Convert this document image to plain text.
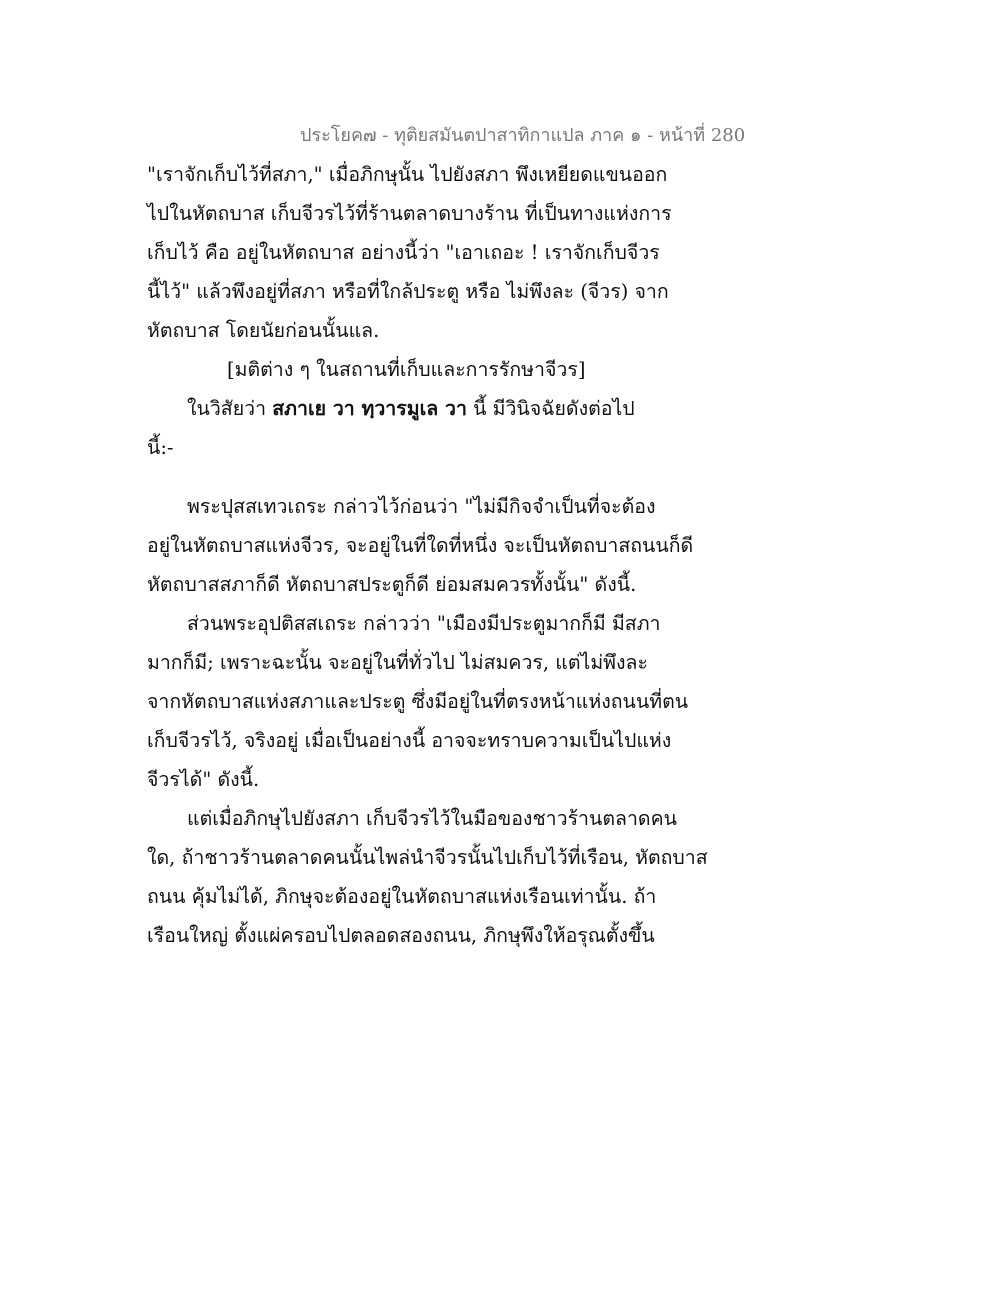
ประโยค๗ - ทุติยสมันตปาสาทิกาแปล ภาค ๑ - หน้าที่ 280
"เราจักเก็บไว้ที่สภา," เมื่อภิกษุนั้น ไปยังสภา พึงเหยียดแขนออก
ไปในหัตถบาส เก็บจีวรไว้ที่ร้านตลาดบางร้าน ที่เป็นทางแห่งการ
เก็บไว้ คือ อยู่ในหัตถบาส อย่างนี้ว่า "เอาเถอะ ! เราจักเก็บจีวร
นี้ไว้" แล้วพึงอยู่ที่สภา หรือที่ใกล้ประตู หรือ ไม่พึงละ (จีวร) จาก
หัตถบาส โดยนัยก่อนนั้นแล.
[มติต่าง ๆ ในสถานที่เก็บและการรักษาจีวร]
ในวิสัยว่า สภาเย วา ทฺวารมูเล วา นี้ มีวินิจฉัยดังต่อไป
นี้:-
พระปุสสเทวเถระ กล่าวไว้ก่อนว่า "ไม่มีกิจจำเป็นที่จะต้อง
อยู่ในหัตถบาสแห่งจีวร, จะอยู่ในที่ใดที่หนึ่ง จะเป็นหัตถบาสถนนก็ดี
หัตถบาสสภาก็ดี หัตถบาสประตูก็ดี ย่อมสมควรทั้งนั้น" ดังนี้.
ส่วนพระอุปติสสเถระ กล่าวว่า "เมืองมีประตูมากก็มี มีสภา
มากก็มี; เพราะฉะนั้น จะอยู่ในที่ทั่วไป ไม่สมควร, แต่ไม่พึงละ
จากหัตถบาสแห่งสภาและประตู ซึ่งมีอยู่ในที่ตรงหน้าแห่งถนนที่ตน
เก็บจีวรไว้, จริงอยู่ เมื่อเป็นอย่างนี้ อาจจะทราบความเป็นไปแห่ง
จีวรได้" ดังนี้.
แต่เมื่อภิกษุไปยังสภา เก็บจีวรไว้ในมือของชาวร้านตลาดคน
ใด, ถ้าชาวร้านตลาดคนนั้นไพล่นำจีวรนั้นไปเก็บไว้ที่เรือน, หัตถบาส
ถนน คุ้มไม่ได้, ภิกษุจะต้องอยู่ในหัตถบาสแห่งเรือนเท่านั้น. ถ้า
เรือนใหญ่ ตั้งแผ่ครอบไปตลอดสองถนน, ภิกษุพึงให้อรุณตั้งขึ้น
